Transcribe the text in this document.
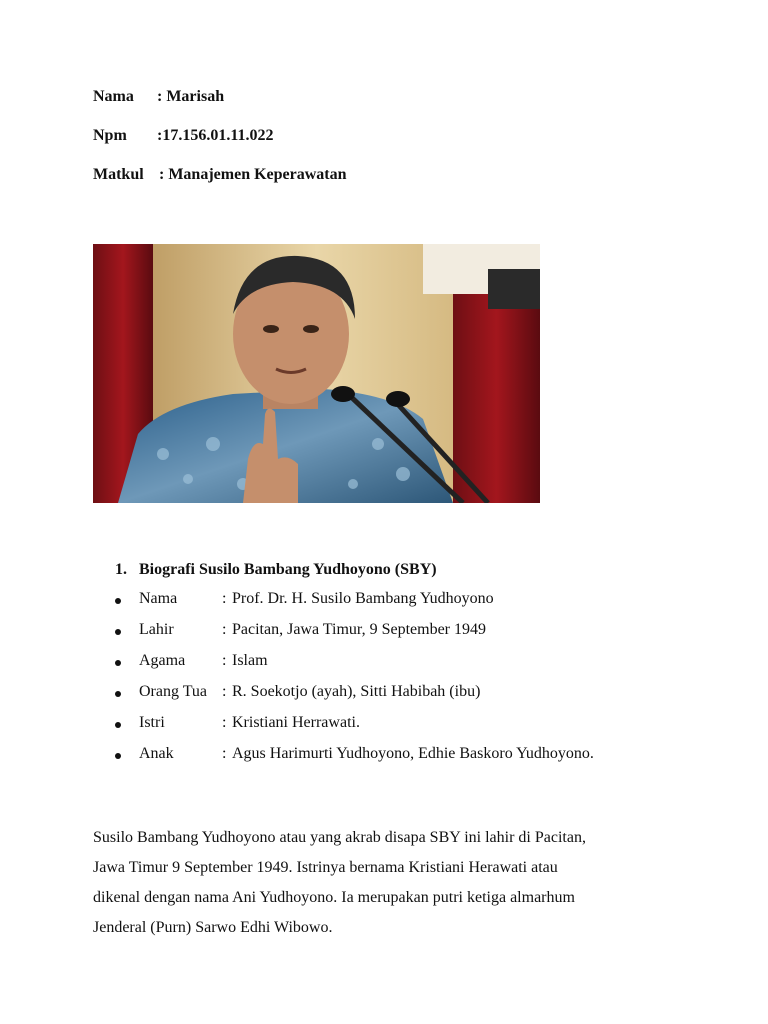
Nama : Marisah
Npm :17.156.01.11.022
Matkul : Manajemen Keperawatan
1. Biografi Susilo Bambang Yudhoyono (SBY)
Nama	: Prof. Dr. H. Susilo Bambang Yudhoyono
Lahir	: Pacitan, Jawa Timur, 9 September 1949
Agama : Islam
Orang Tua : R. Soekotjo (ayah), Sitti Habibah (ibu)
Istri	: Kristiani Herrawati.
Anak	: Agus Harimurti Yudhoyono, Edhie Baskoro Yudhoyono.
Susilo Bambang Yudhoyono atau yang akrab disapa SBY ini lahir di Pacitan,
Jawa Timur 9 September 1949. Istrinya bernama Kristiani Herawati atau
dikenal dengan nama Ani Yudhoyono. Ia merupakan putri ketiga almarhum
Jenderal (Purn) Sarwo Edhi Wibowo.
